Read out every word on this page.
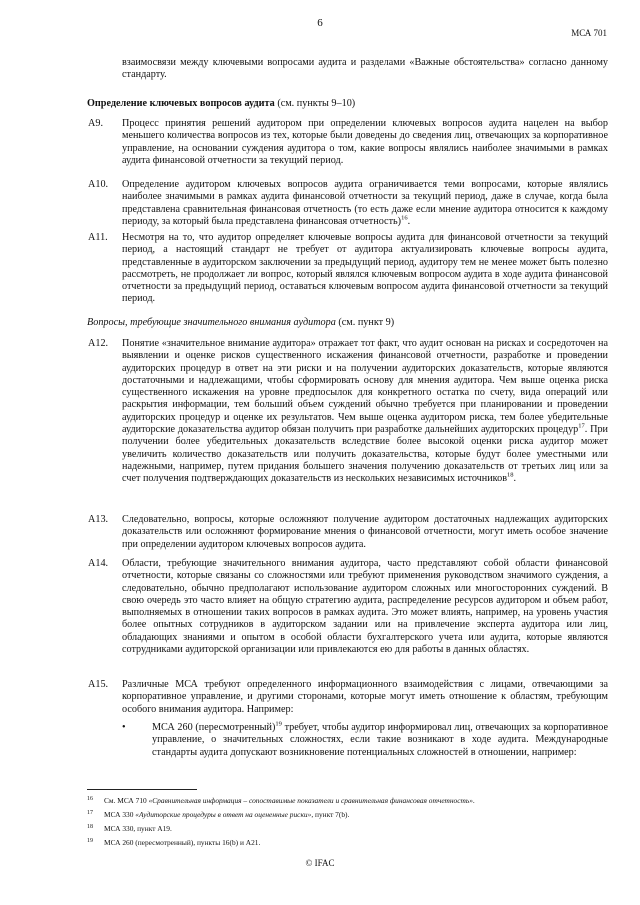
6
МСА 701
взаимосвязи между ключевыми вопросами аудита и разделами «Важные обстоятельства» согласно данному стандарту.
Определение ключевых вопросов аудита (см. пункты 9–10)
A9.	Процесс принятия решений аудитором при определении ключевых вопросов аудита нацелен на выбор меньшего количества вопросов из тех, которые были доведены до сведения лиц, отвечающих за корпоративное управление, на основании суждения аудитора о том, какие вопросы являлись наиболее значимыми в рамках аудита финансовой отчетности за текущий период.
A10.	Определение аудитором ключевых вопросов аудита ограничивается теми вопросами, которые являлись наиболее значимыми в рамках аудита финансовой отчетности за текущий период, даже в случае, когда была представлена сравнительная финансовая отчетность (то есть даже если мнение аудитора относится к каждому периоду, за который была представлена финансовая отчетность)$^{16}$.
A11.	Несмотря на то, что аудитор определяет ключевые вопросы аудита для финансовой отчетности за текущий период, а настоящий стандарт не требует от аудитора актуализировать ключевые вопросы аудита, представленные в аудиторском заключении за предыдущий период, аудитору тем не менее может быть полезно рассмотреть, не продолжает ли вопрос, который являлся ключевым вопросом аудита в ходе аудита финансовой отчетности за предыдущий период, оставаться ключевым вопросом аудита финансовой отчетности за текущий период.
Вопросы, требующие значительного внимания аудитора (см. пункт 9)
A12.	Понятие «значительное внимание аудитора» отражает тот факт, что аудит основан на рисках и сосредоточен на выявлении и оценке рисков существенного искажения финансовой отчетности, разработке и проведении аудиторских процедур в ответ на эти риски и на получении аудиторских доказательств, которые являются достаточными и надлежащими, чтобы сформировать основу для мнения аудитора. Чем выше оценка риска существенного искажения на уровне предпосылок для конкретного остатка по счету, вида операций или раскрытия информации, тем больший объем суждений обычно требуется при планировании и проведении аудиторских процедур и оценке их результатов. Чем выше оценка аудитором риска, тем более убедительные аудиторские доказательства аудитор обязан получить при разработке дальнейших аудиторских процедур$^{17}$. При получении более убедительных доказательств вследствие более высокой оценки риска аудитор может увеличить количество доказательств или получить доказательства, которые будут более уместными или надежными, например, путем придания большего значения получению доказательств от третьих лиц или за счет получения подтверждающих доказательств из нескольких независимых источников$^{18}$.
A13.	Следовательно, вопросы, которые осложняют получение аудитором достаточных надлежащих аудиторских доказательств или осложняют формирование мнения о финансовой отчетности, могут иметь особое значение при определении аудитором ключевых вопросов аудита.
A14.	Области, требующие значительного внимания аудитора, часто представляют собой области финансовой отчетности, которые связаны со сложностями или требуют применения руководством значимого суждения, а следовательно, обычно предполагают использование аудитором сложных или многосторонних суждений. В свою очередь это часто влияет на общую стратегию аудита, распределение ресурсов аудитором и объем работ, выполняемых в отношении таких вопросов в рамках аудита. Это может влиять, например, на уровень участия более опытных сотрудников в аудиторском задании или на привлечение эксперта аудитора или лиц, обладающих знаниями и опытом в особой области бухгалтерского учета или аудита, которые являются сотрудниками аудиторской организации или привлекаются ею для работы в данных областях.
A15.	Различные МСА требуют определенного информационного взаимодействия с лицами, отвечающими за корпоративное управление, и другими сторонами, которые могут иметь отношение к областям, требующим особого внимания аудитора. Например:
•	МСА 260 (пересмотренный)$^{19}$ требует, чтобы аудитор информировал лиц, отвечающих за корпоративное управление, о значительных сложностях, если такие возникают в ходе аудита. Международные стандарты аудита допускают возникновение потенциальных сложностей в отношении, например:
16 См. МСА 710 «Сравнительная информация – сопоставимые показатели и сравнительная финансовая отчетность».
17 МСА 330 «Аудиторские процедуры в ответ на оцененные риски», пункт 7(b).
18 МСА 330, пункт A19.
19 МСА 260 (пересмотренный), пункты 16(b) и A21.
© IFAC
